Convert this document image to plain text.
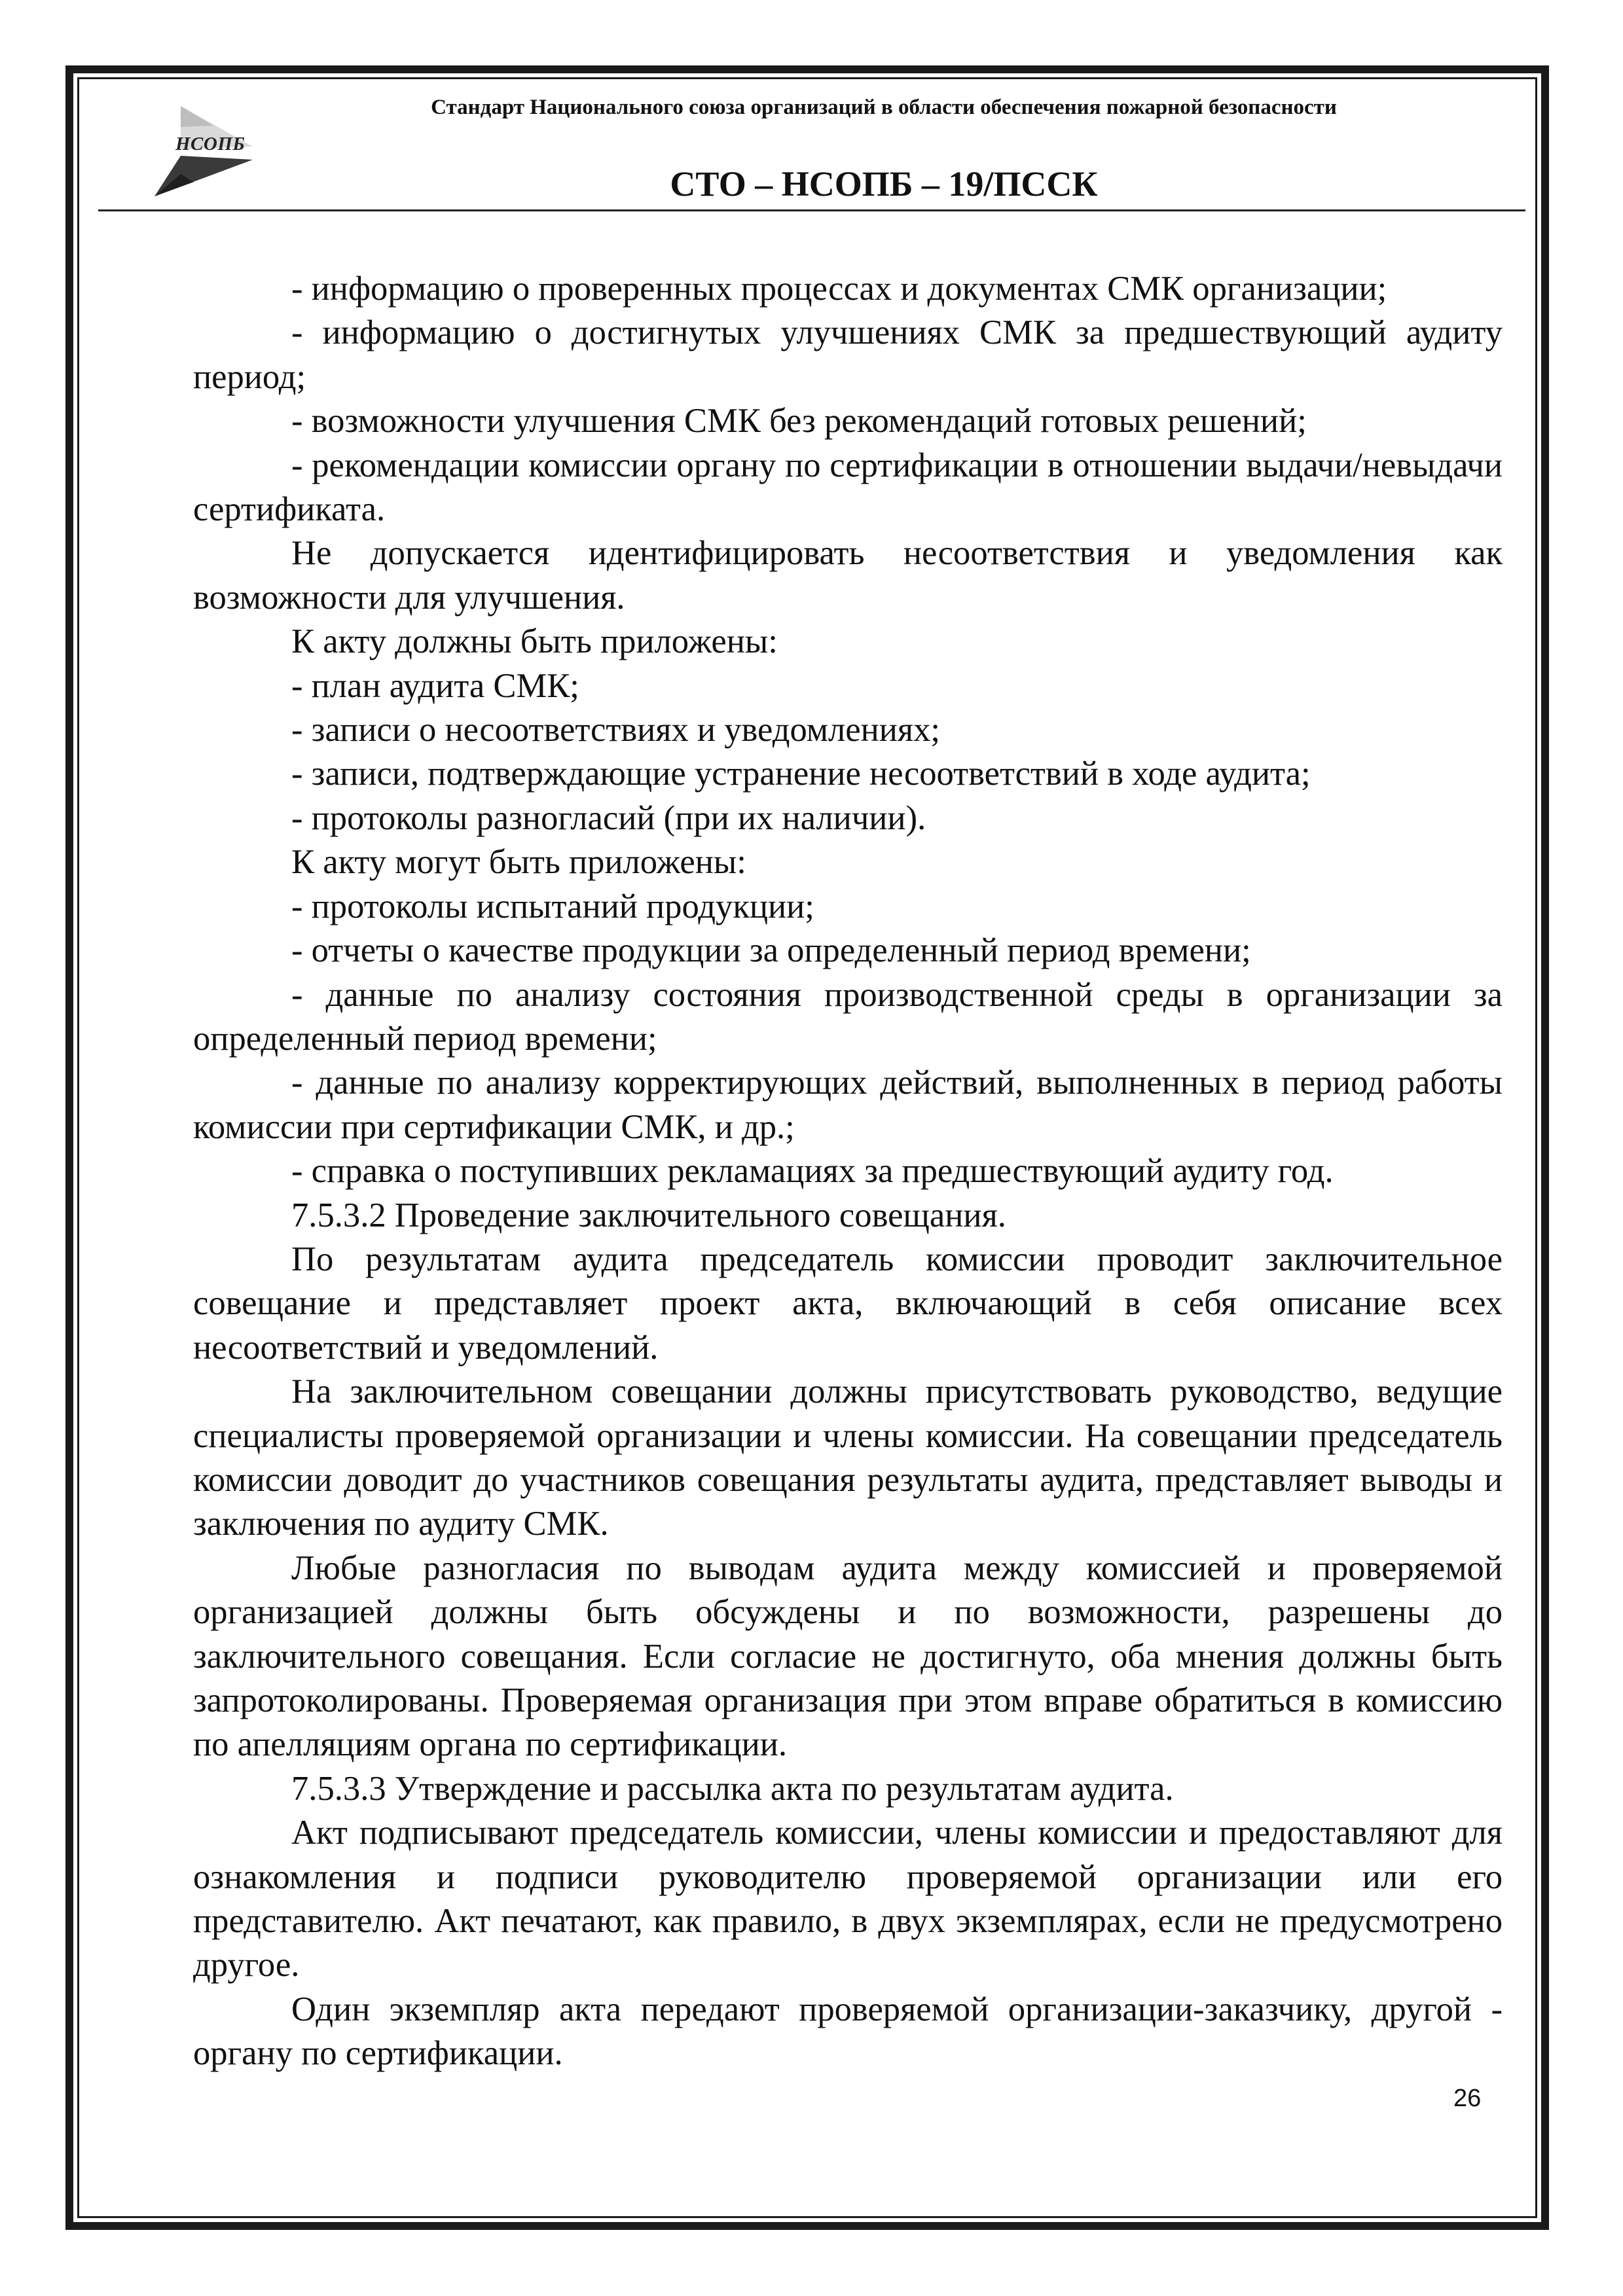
НСОПБ
Стандарт Национального союза организаций в области обеспечения пожарной безопасности
СТО – НСОПБ – 19/ПССК

- информацию о проверенных процессах и документах СМК организации;

- информацию о достигнутых улучшениях СМК за предшествующий аудиту период;

- возможности улучшения СМК без рекомендаций готовых решений;

- рекомендации комиссии органу по сертификации в отношении выдачи/невыдачи сертификата.

Не допускается идентифицировать несоответствия и уведомления как возможности для улучшения.

К акту должны быть приложены:

- план аудита СМК;

- записи о несоответствиях и уведомлениях;

- записи, подтверждающие устранение несоответствий в ходе аудита;

- протоколы разногласий (при их наличии).

К акту могут быть приложены:

- протоколы испытаний продукции;

- отчеты о качестве продукции за определенный период времени;

- данные по анализу состояния производственной среды в организации за определенный период времени;

- данные по анализу корректирующих действий, выполненных в период работы комиссии при сертификации СМК, и др.;

- справка о поступивших рекламациях за предшествующий аудиту год.

7.5.3.2 Проведение заключительного совещания.

По результатам аудита председатель комиссии проводит заключительное совещание и представляет проект акта, включающий в себя описание всех несоответствий и уведомлений.

На заключительном совещании должны присутствовать руководство, ведущие специалисты проверяемой организации и члены комиссии. На совещании председатель комиссии доводит до участников совещания результаты аудита, представляет выводы и заключения по аудиту СМК.

Любые разногласия по выводам аудита между комиссией и проверяемой организацией должны быть обсуждены и по возможности, разрешены до заключительного совещания. Если согласие не достигнуто, оба мнения должны быть запротоколированы. Проверяемая организация при этом вправе обратиться в комиссию по апелляциям органа по сертификации.

7.5.3.3 Утверждение и рассылка акта по результатам аудита.

Акт подписывают председатель комиссии, члены комиссии и предоставляют для ознакомления и подписи руководителю проверяемой организации или его представителю. Акт печатают, как правило, в двух экземплярах, если не предусмотрено другое.

Один экземпляр акта передают проверяемой организации-заказчику, другой - органу по сертификации.

26
